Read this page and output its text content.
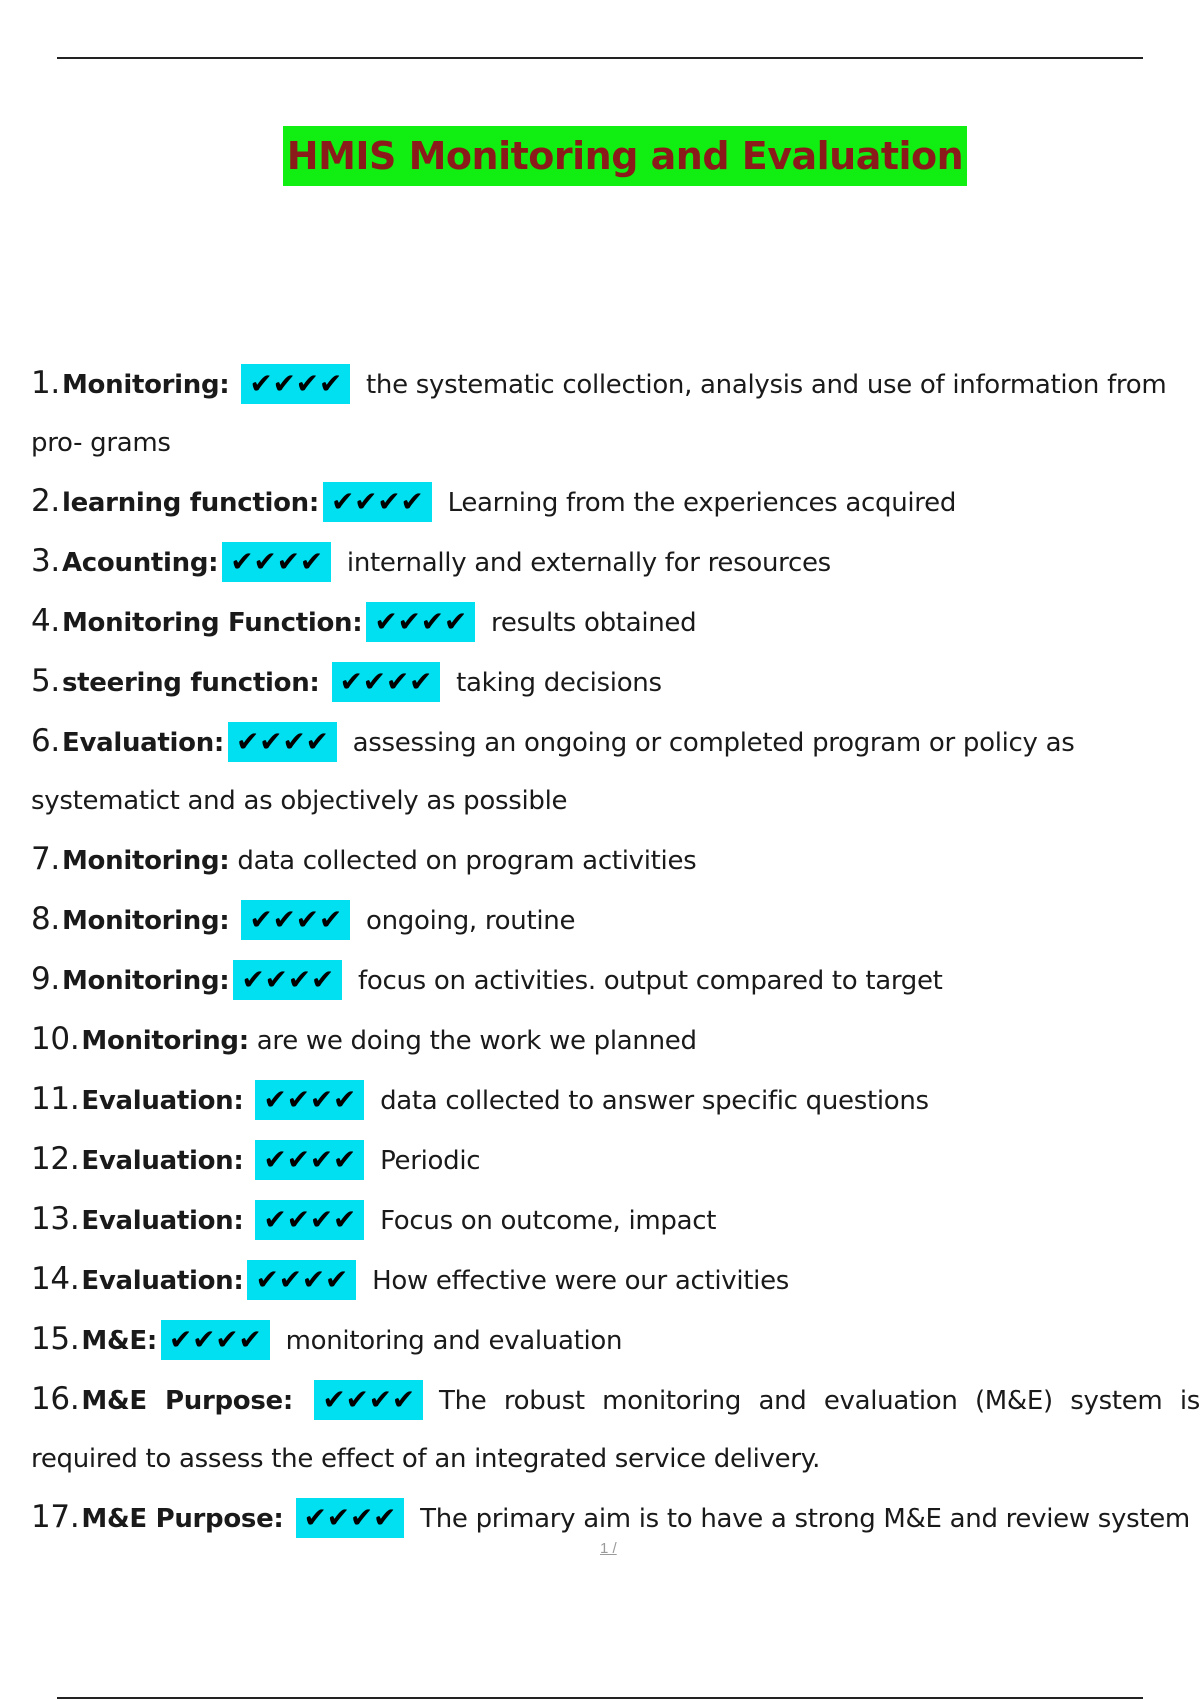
HMIS Monitoring and Evaluation
1.Monitoring: ✔✔✔✔ the systematic collection, analysis and use of information from pro- grams
2.learning function: ✔✔✔✔ Learning from the experiences acquired
3.Acounting: ✔✔✔✔ internally and externally for resources
4.Monitoring Function: ✔✔✔✔ results obtained
5.steering function: ✔✔✔✔ taking decisions
6.Evaluation: ✔✔✔✔ assessing an ongoing or completed program or policy as systematict and as objectively as possible
7.Monitoring: data collected on program activities
8.Monitoring: ✔✔✔✔ ongoing, routine
9.Monitoring: ✔✔✔✔ focus on activities. output compared to target
10.Monitoring: are we doing the work we planned
11.Evaluation: ✔✔✔✔ data collected to answer specific questions
12.Evaluation: ✔✔✔✔ Periodic
13.Evaluation: ✔✔✔✔ Focus on outcome, impact
14.Evaluation: ✔✔✔✔ How effective were our activities
15.M&E: ✔✔✔✔ monitoring and evaluation
16.M&E Purpose: ✔✔✔✔ The robust monitoring and evaluation (M&E) system is required to assess the effect of an integrated service delivery.
17.M&E Purpose: ✔✔✔✔ The primary aim is to have a strong M&E and review system
1 /
